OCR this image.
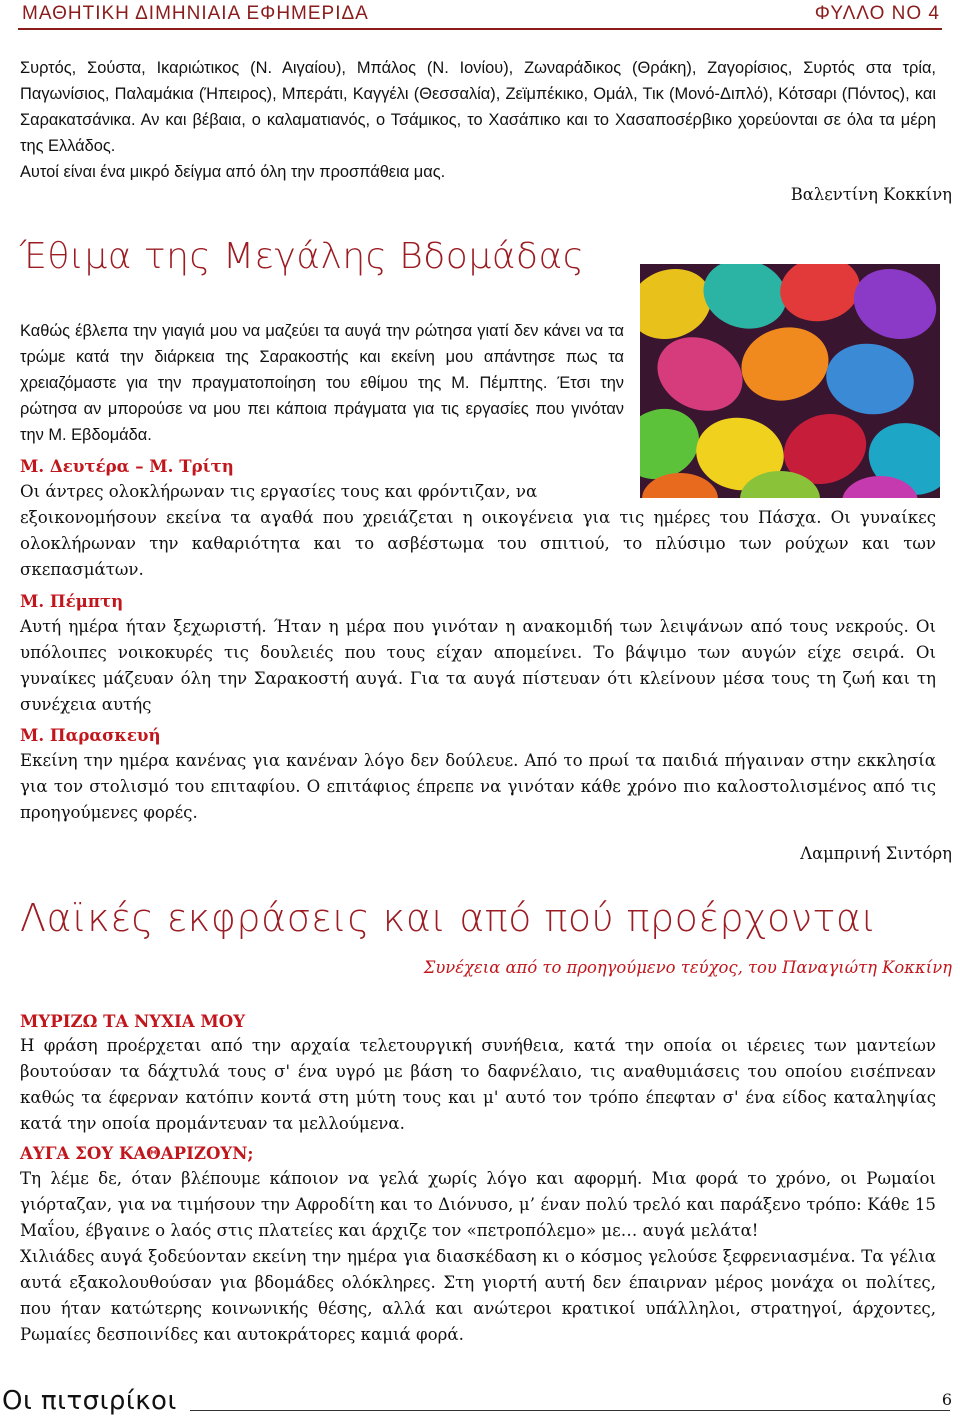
ΜΑΘΗΤΙΚΗ ΔΙΜΗΝΙΑΙΑ ΕΦΗΜΕΡΙΔΑ	ΦΥΛΛΟ ΝΟ 4

Συρτός, Σούστα, Ικαριώτικος (Ν. Αιγαίου), Μπάλος (Ν. Ιονίου), Ζωναράδικος (Θράκη), Ζαγορίσιος, Συρτός στα τρία, Παγωνίσιος, Παλαμάκια (Ήπειρος), Μπεράτι, Καγγέλι (Θεσσαλία), Ζεϊμπέκικο, Ομάλ, Τικ (Μονό-Διπλό), Κότσαρι (Πόντος), και Σαρακατσάνικα. Αν και βέβαια, ο καλαματιανός, ο Τσάμικος, το Χασάπικο και το Χασαποσέρβικο χορεύονται σε όλα τα μέρη της Ελλάδος.

Αυτοί είναι ένα μικρό δείγμα από όλη την προσπάθεια μας.

Βαλεντίνη Κοκκίνη
Έθιμα της Μεγάλης Βδομάδας

Καθώς έβλεπα την γιαγιά μου να μαζεύει τα αυγά την ρώτησα γιατί δεν κάνει να τα τρώμε κατά την διάρκεια της Σαρακοστής και εκείνη μου απάντησε πως τα χρειαζόμαστε για την πραγματοποίηση του εθίμου της Μ. Πέμπτης. Έτσι την ρώτησα αν μπορούσε να μου πει κάποια πράγματα για τις εργασίες που γινόταν την Μ. Εβδομάδα.

Μ. Δευτέρα – Μ. Τρίτη

Οι άντρες ολοκλήρωναν τις εργασίες τους και φρόντιζαν, να

εξοικονομήσουν εκείνα τα αγαθά που χρειάζεται η οικογένεια για τις ημέρες του Πάσχα. Οι γυναίκες ολοκλήρωναν την καθαριότητα και το ασβέστωμα του σπιτιού, το πλύσιμο των ρούχων και των σκεπασμάτων.

Μ. Πέμπτη

Αυτή ημέρα ήταν ξεχωριστή. Ήταν η μέρα που γινόταν η ανακομιδή των λειψάνων από τους νεκρούς. Οι υπόλοιπες νοικοκυρές τις δουλειές που τους είχαν απομείνει. Το βάψιμο των αυγών είχε σειρά. Οι γυναίκες μάζευαν όλη την Σαρακοστή αυγά. Για τα αυγά πίστευαν ότι κλείνουν μέσα τους τη ζωή και τη συνέχεια αυτής

Μ. Παρασκευή

Εκείνη την ημέρα κανένας για κανέναν λόγο δεν δούλευε. Από το πρωί τα παιδιά πήγαιναν στην εκκλησία για τον στολισμό του επιταφίου. Ο επιτάφιος έπρεπε να γινόταν κάθε χρόνο πιο καλοστολισμένος από τις προηγούμενες φορές.

Λαμπρινή Σιντόρη
Λαϊκές εκφράσεις και από πού προέρχονται
Συνέχεια από το προηγούμενο τεύχος, του Παναγιώτη Κοκκίνη
ΜΥΡΙΖΩ ΤΑ ΝΥΧΙΑ ΜΟΥ

Η φράση προέρχεται από την αρχαία τελετουργική συνήθεια, κατά την οποία οι ιέρειες των μαντείων βουτούσαν τα δάχτυλά τους σ' ένα υγρό με βάση το δαφνέλαιο, τις αναθυμιάσεις του οποίου εισέπνεαν καθώς τα έφερναν κατόπιν κοντά στη μύτη τους και μ' αυτό τον τρόπο έπεφταν σ' ένα είδος καταληψίας κατά την οποία προμάντευαν τα μελλούμενα.

ΑΥΓΑ ΣΟΥ ΚΑΘΑΡΙΖΟΥΝ;

Τη λέμε δε, όταν βλέπουμε κάποιον να γελά χωρίς λόγο και αφορμή. Μια φορά το χρόνο, οι Ρωμαίοι γιόρταζαν, για να τιμήσουν την Αφροδίτη και το Διόνυσο, μ’ έναν πολύ τρελό και παράξενο τρόπο: Κάθε 15 Μαΐου, έβγαινε ο λαός στις πλατείες και άρχιζε τον «πετροπόλεμο» με… αυγά μελάτα!

Χιλιάδες αυγά ξοδεύονταν εκείνη την ημέρα για διασκέδαση κι ο κόσμος γελούσε ξεφρενιασμένα. Τα γέλια αυτά εξακολουθούσαν για βδομάδες ολόκληρες. Στη γιορτή αυτή δεν έπαιρναν μέρος μονάχα οι πολίτες, που ήταν κατώτερης κοινωνικής θέσης, αλλά και ανώτεροι κρατικοί υπάλληλοι, στρατηγοί, άρχοντες, Ρωμαίες δεσποινίδες και αυτοκράτορες καμιά φορά.

Οι πιτσιρίκοι	6
